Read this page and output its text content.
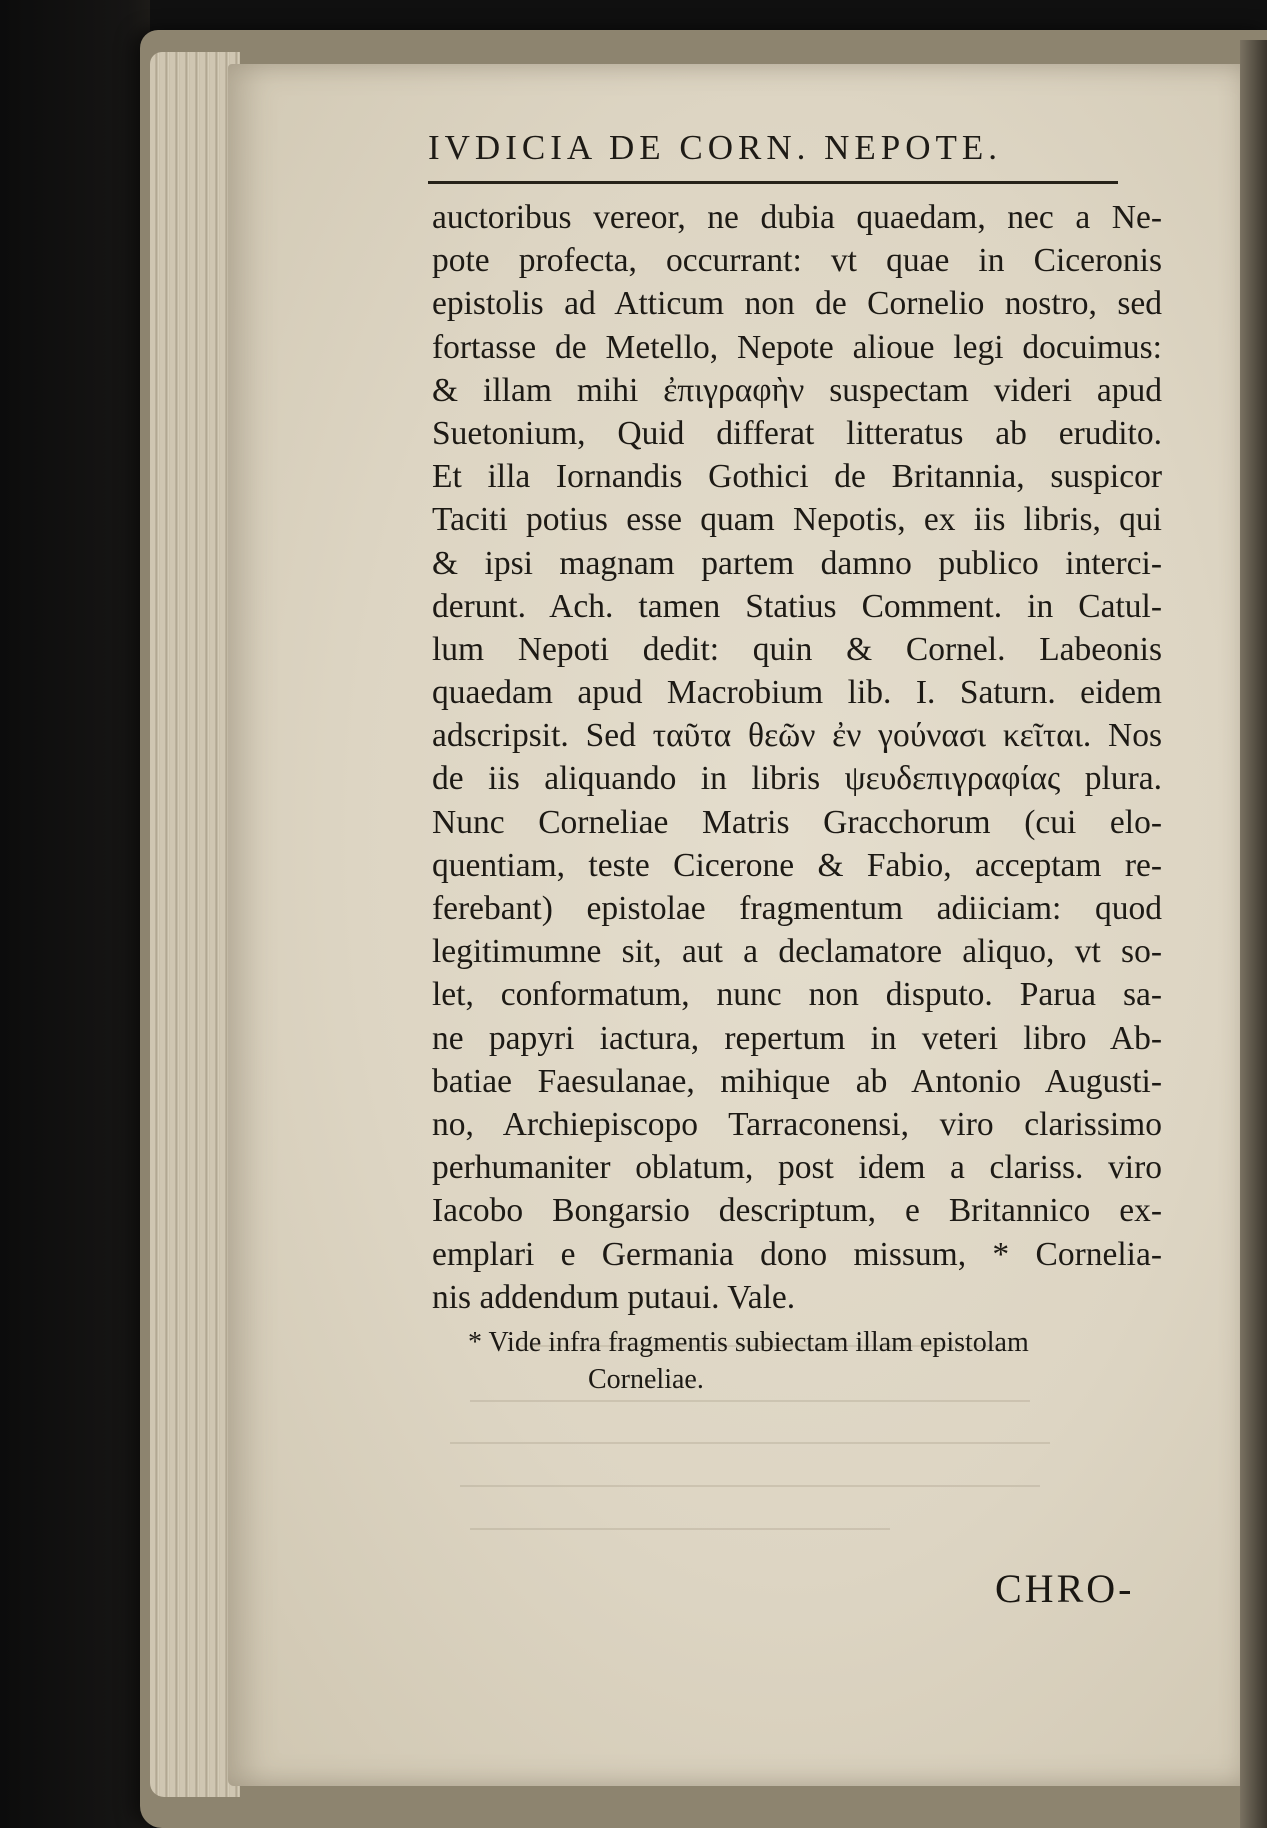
IVDICIA DE CORN. NEPOTE.
auctoribus vereor, ne dubia quaedam, nec a Ne-
pote profecta, occurrant: vt quae in Ciceronis
epistolis ad Atticum non de Cornelio nostro, sed
fortasse de Metello, Nepote alioue legi docuimus:
& illam mihi ἐπιγραφὴν suspectam videri apud
Suetonium, Quid differat litteratus ab erudito.
Et illa Iornandis Gothici de Britannia, suspicor
Taciti potius esse quam Nepotis, ex iis libris, qui
& ipsi magnam partem damno publico interci-
derunt. Ach. tamen Statius Comment. in Catul-
lum Nepoti dedit: quin & Cornel. Labeonis
quaedam apud Macrobium lib. I. Saturn. eidem
adscripsit. Sed ταῦτα θεῶν ἐν γούνασι κεῖται. Nos
de iis aliquando in libris ψευδεπιγραφίας plura.
Nunc Corneliae Matris Gracchorum (cui elo-
quentiam, teste Cicerone & Fabio, acceptam re-
ferebant) epistolae fragmentum adiiciam: quod
legitimumne sit, aut a declamatore aliquo, vt so-
let, conformatum, nunc non disputo. Parua sa-
ne papyri iactura, repertum in veteri libro Ab-
batiae Faesulanae, mihique ab Antonio Augusti-
no, Archiepiscopo Tarraconensi, viro clarissimo
perhumaniter oblatum, post idem a clariss. viro
Iacobo Bongarsio descriptum, e Britannico ex-
emplari e Germania dono missum, * Cornelia-
nis addendum putaui. Vale.
* Vide infra fragmentis subiectam illam epistolam
Corneliae.
CHRO-
